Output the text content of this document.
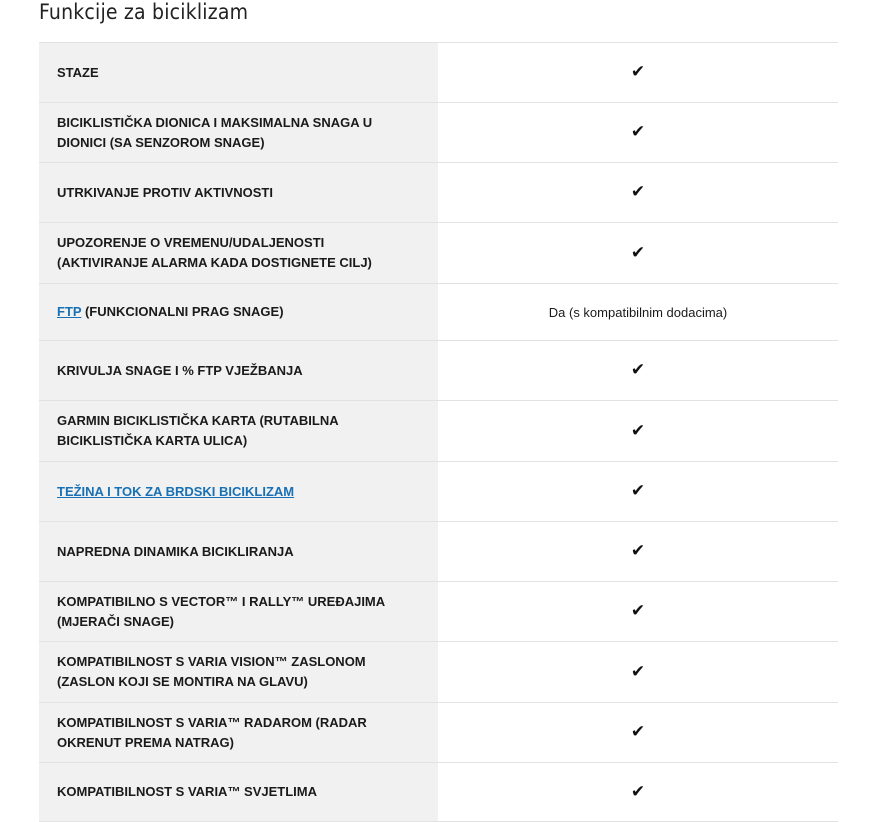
Funkcije za biciklizam
STAZE	✔
BICIKLISTIČKA DIONICA I MAKSIMALNA SNAGA U DIONICI (SA SENZOROM SNAGE)	✔
UTRKIVANJE PROTIV AKTIVNOSTI	✔
UPOZORENJE O VREMENU/UDALJENOSTI (AKTIVIRANJE ALARMA KADA DOSTIGNETE CILJ)	✔
FTP (FUNKCIONALNI PRAG SNAGE)	Da (s kompatibilnim dodacima)
KRIVULJA SNAGE I % FTP VJEŽBANJA	✔
GARMIN BICIKLISTIČKA KARTA (RUTABILNA BICIKLISTIČKA KARTA ULICA)	✔
TEŽINA I TOK ZA BRDSKI BICIKLIZAM	✔
NAPREDNA DINAMIKA BICIKLIRANJA	✔
KOMPATIBILNO S VECTOR™ I RALLY™ UREĐAJIMA (MJERAČI SNAGE)	✔
KOMPATIBILNOST S VARIA VISION™ ZASLONOM (ZASLON KOJI SE MONTIRA NA GLAVU)	✔
KOMPATIBILNOST S VARIA™ RADAROM (RADAR OKRENUT PREMA NATRAG)	✔
KOMPATIBILNOST S VARIA™ SVJETLIMA	✔
